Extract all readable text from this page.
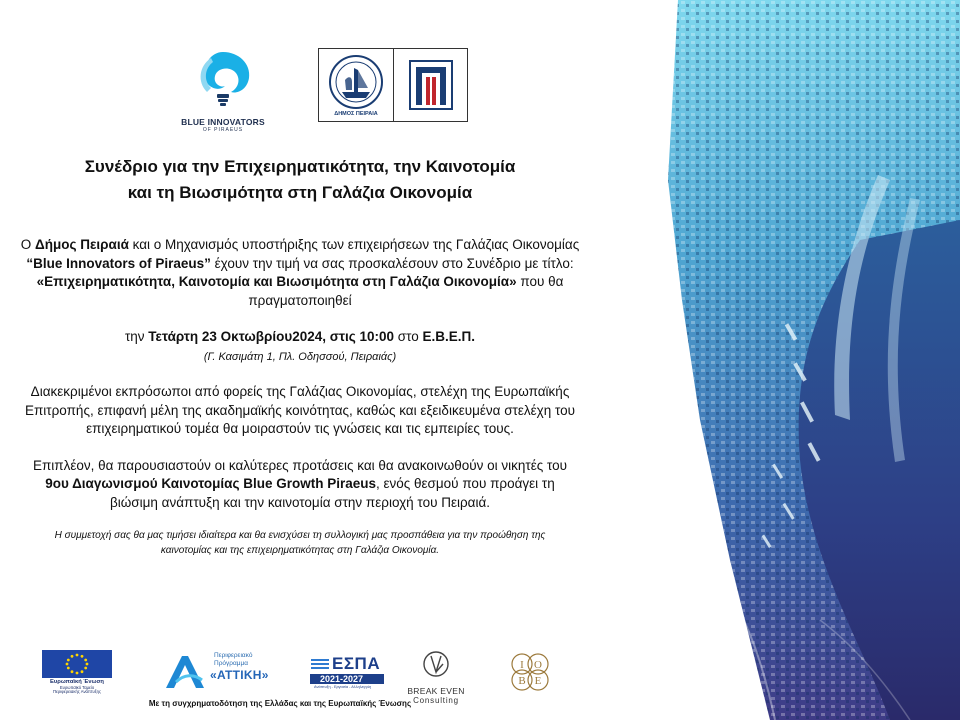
BLUE INNOVATORS
OF PIRAEUS
ΔΗΜΟΣ ΠΕΙΡΑΙΑ
Συνέδριο για την Επιχειρηματικότητα, την Καινοτομία
και τη Βιωσιμότητα στη Γαλάζια Οικονομία

Ο Δήμος Πειραιά και ο Μηχανισμός υποστήριξης των επιχειρήσεων της Γαλάζιας Οικονομίας “Blue Innovators of Piraeus” έχουν την τιμή να σας προσκαλέσουν στο Συνέδριο με τίτλο:
«Επιχειρηματικότητα, Καινοτομία και Βιωσιμότητα στη Γαλάζια Οικονομία» που θα πραγματοποιηθεί

την Τετάρτη 23 Οκτωβρίου2024, στις 10:00 στο Ε.Β.Ε.Π.
(Γ. Κασιμάτη 1, Πλ. Οδησσού, Πειραιάς)

Διακεκριμένοι εκπρόσωποι από φορείς της Γαλάζιας Οικονομίας, στελέχη της Ευρωπαϊκής Επιτροπής, επιφανή μέλη της ακαδημαϊκής κοινότητας, καθώς και εξειδικευμένα στελέχη του επιχειρηματικού τομέα θα μοιραστούν τις γνώσεις και τις εμπειρίες τους.

Επιπλέον, θα παρουσιαστούν οι καλύτερες προτάσεις και θα ανακοινωθούν οι νικητές του 9ου Διαγωνισμού Καινοτομίας Blue Growth Piraeus, ενός θεσμού που προάγει τη βιώσιμη ανάπτυξη και την καινοτομία στην περιοχή του Πειραιά.

Η συμμετοχή σας θα μας τιμήσει ιδιαίτερα και θα ενισχύσει τη συλλογική μας προσπάθεια για την προώθηση της καινοτομίας και της επιχειρηματικότητας στη Γαλάζια Οικονομία.

Ευρωπαϊκή Ένωση
Ευρωπαϊκό Ταμείο
Περιφερειακής Ανάπτυξης
Περιφερειακό
Πρόγραμμα
«ΑΤΤΙΚΗ»
ΕΣΠΑ
2021-2027
Ανάπτυξη - Εργασία - Αλληλεγγύη	BREAK EVEN
Consulting
I O
B E
Με τη συγχρηματοδότηση της Ελλάδας και της Ευρωπαϊκής Ένωσης
